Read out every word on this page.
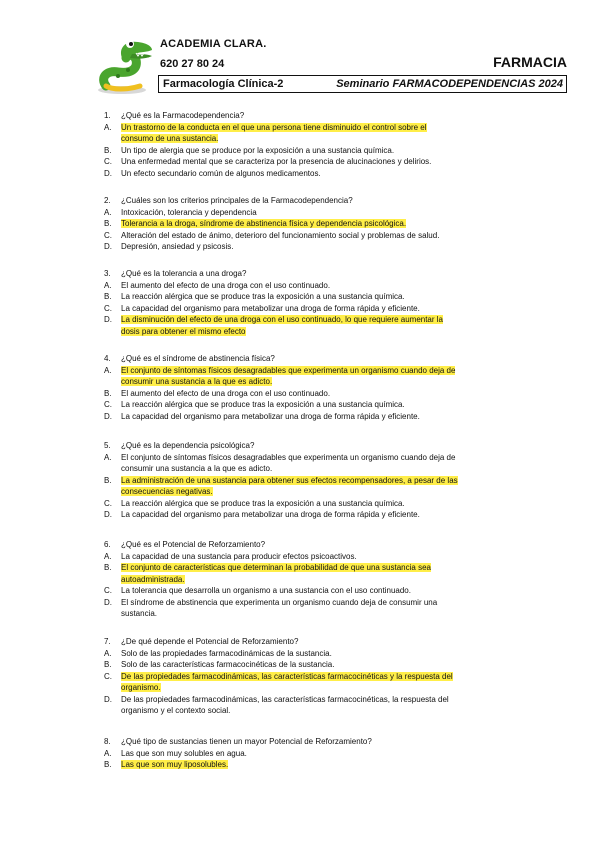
ACADEMIA CLARA.
620 27 80 24	FARMACIA
Farmacología Clínica-2	Seminario FARMACODEPENDENCIAS 2024
1. ¿Qué es la Farmacodependencia?
A. Un trastorno de la conducta en el que una persona tiene disminuido el control sobre el
consumo de una sustancia.
B. Un tipo de alergia que se produce por la exposición a una sustancia química.
C. Una enfermedad mental que se caracteriza por la presencia de alucinaciones y delirios.
D. Un efecto secundario común de algunos medicamentos.
2. ¿Cuáles son los criterios principales de la Farmacodependencia?
A. Intoxicación, tolerancia y dependencia
B. Tolerancia a la droga, síndrome de abstinencia física y dependencia psicológica.
C. Alteración del estado de ánimo, deterioro del funcionamiento social y problemas de salud.
D. Depresión, ansiedad y psicosis.
3. ¿Qué es la tolerancia a una droga?
A. El aumento del efecto de una droga con el uso continuado.
B. La reacción alérgica que se produce tras la exposición a una sustancia química.
C. La capacidad del organismo para metabolizar una droga de forma rápida y eficiente.
D. La disminución del efecto de una droga con el uso continuado, lo que requiere aumentar la
dosis para obtener el mismo efecto
4. ¿Qué es el síndrome de abstinencia física?
A. El conjunto de síntomas físicos desagradables que experimenta un organismo cuando deja de
consumir una sustancia a la que es adicto.
B. El aumento del efecto de una droga con el uso continuado.
C. La reacción alérgica que se produce tras la exposición a una sustancia química.
D. La capacidad del organismo para metabolizar una droga de forma rápida y eficiente.
5. ¿Qué es la dependencia psicológica?
A. El conjunto de síntomas físicos desagradables que experimenta un organismo cuando deja de
consumir una sustancia a la que es adicto.
B. La administración de una sustancia para obtener sus efectos recompensadores, a pesar de las
consecuencias negativas.
C. La reacción alérgica que se produce tras la exposición a una sustancia química.
D. La capacidad del organismo para metabolizar una droga de forma rápida y eficiente.
6. ¿Qué es el Potencial de Reforzamiento?
A. La capacidad de una sustancia para producir efectos psicoactivos.
B. El conjunto de características que determinan la probabilidad de que una sustancia sea
autoadministrada.
C. La tolerancia que desarrolla un organismo a una sustancia con el uso continuado.
D. El síndrome de abstinencia que experimenta un organismo cuando deja de consumir una
sustancia.
7. ¿De qué depende el Potencial de Reforzamiento?
A. Solo de las propiedades farmacodinámicas de la sustancia.
B. Solo de las características farmacocinéticas de la sustancia.
C. De las propiedades farmacodinámicas, las características farmacocinéticas y la respuesta del
organismo.
D. De las propiedades farmacodinámicas, las características farmacocinéticas, la respuesta del
organismo y el contexto social.
8. ¿Qué tipo de sustancias tienen un mayor Potencial de Reforzamiento?
A. Las que son muy solubles en agua.
B. Las que son muy liposolubles.
